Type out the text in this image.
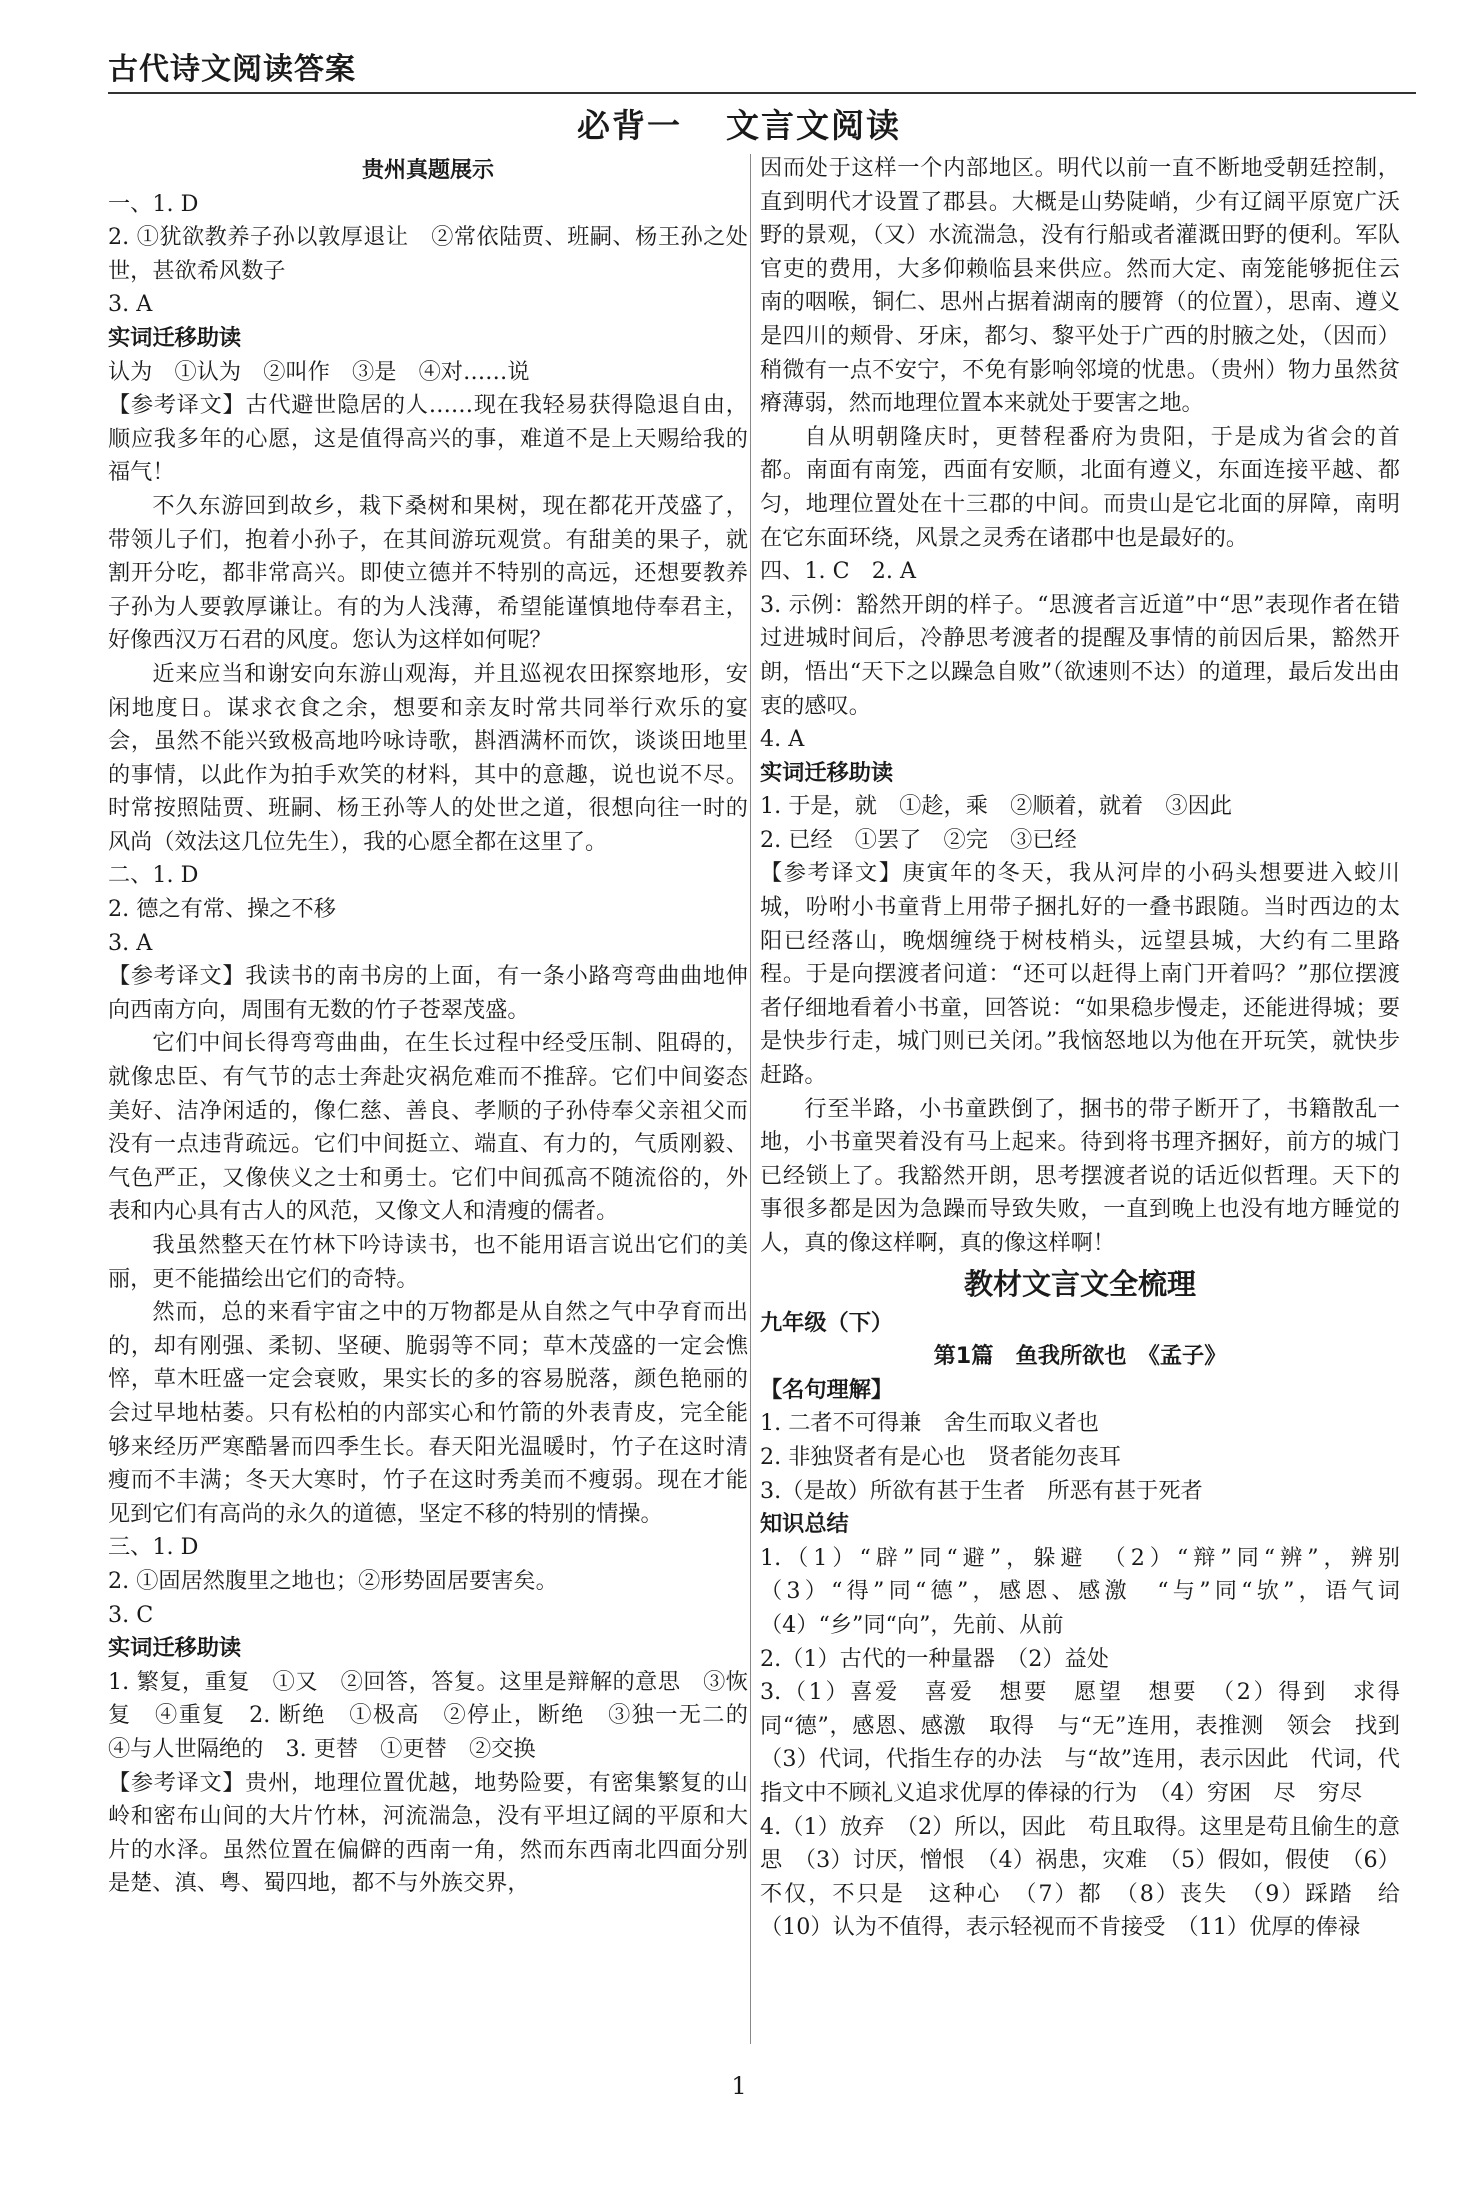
古代诗文阅读答案
必背一 文言文阅读

贵州真题展示

一、1. D

2. ①犹欲教养子孙以敦厚退让　②常依陆贾、班嗣、杨王孙之处世，甚欲希风数子

3. A

实词迁移助读

认为　①认为　②叫作　③是　④对……说

【参考译文】古代避世隐居的人……现在我轻易获得隐退自由，顺应我多年的心愿，这是值得高兴的事，难道不是上天赐给我的福气！

不久东游回到故乡，栽下桑树和果树，现在都花开茂盛了，带领儿子们，抱着小孙子，在其间游玩观赏。有甜美的果子，就割开分吃，都非常高兴。即使立德并不特别的高远，还想要教养子孙为人要敦厚谦让。有的为人浅薄，希望能谨慎地侍奉君主，好像西汉万石君的风度。您认为这样如何呢？

近来应当和谢安向东游山观海，并且巡视农田探察地形，安闲地度日。谋求衣食之余，想要和亲友时常共同举行欢乐的宴会，虽然不能兴致极高地吟咏诗歌，斟酒满杯而饮，谈谈田地里的事情，以此作为拍手欢笑的材料，其中的意趣，说也说不尽。时常按照陆贾、班嗣、杨王孙等人的处世之道，很想向往一时的风尚（效法这几位先生），我的心愿全都在这里了。

二、1. D

2. 德之有常、操之不移

3. A

【参考译文】我读书的南书房的上面，有一条小路弯弯曲曲地伸向西南方向，周围有无数的竹子苍翠茂盛。

它们中间长得弯弯曲曲，在生长过程中经受压制、阻碍的，就像忠臣、有气节的志士奔赴灾祸危难而不推辞。它们中间姿态美好、洁净闲适的，像仁慈、善良、孝顺的子孙侍奉父亲祖父而没有一点违背疏远。它们中间挺立、端直、有力的，气质刚毅、气色严正，又像侠义之士和勇士。它们中间孤高不随流俗的，外表和内心具有古人的风范，又像文人和清瘦的儒者。

我虽然整天在竹林下吟诗读书，也不能用语言说出它们的美丽，更不能描绘出它们的奇特。

然而，总的来看宇宙之中的万物都是从自然之气中孕育而出的，却有刚强、柔韧、坚硬、脆弱等不同；草木茂盛的一定会憔悴，草木旺盛一定会衰败，果实长的多的容易脱落，颜色艳丽的会过早地枯萎。只有松柏的内部实心和竹箭的外表青皮，完全能够来经历严寒酷暑而四季生长。春天阳光温暖时，竹子在这时清瘦而不丰满；冬天大寒时，竹子在这时秀美而不瘦弱。现在才能见到它们有高尚的永久的道德，坚定不移的特别的情操。

三、1. D

2. ①固居然腹里之地也；②形势固居要害矣。

3. C

实词迁移助读

1. 繁复，重复　①又　②回答，答复。这里是辩解的意思　③恢复　④重复　2. 断绝　①极高　②停止，断绝　③独一无二的　④与人世隔绝的　3. 更替　①更替　②交换

【参考译文】贵州，地理位置优越，地势险要，有密集繁复的山岭和密布山间的大片竹林，河流湍急，没有平坦辽阔的平原和大片的水泽。虽然位置在偏僻的西南一角，然而东西南北四面分别是楚、滇、粤、蜀四地，都不与外族交界，

因而处于这样一个内部地区。明代以前一直不断地受朝廷控制，直到明代才设置了郡县。大概是山势陡峭，少有辽阔平原宽广沃野的景观，（又）水流湍急，没有行船或者灌溉田野的便利。军队官吏的费用，大多仰赖临县来供应。然而大定、南笼能够扼住云南的咽喉，铜仁、思州占据着湖南的腰膂（的位置），思南、遵义是四川的颊骨、牙床，都匀、黎平处于广西的肘腋之处，（因而）稍微有一点不安宁，不免有影响邻境的忧患。（贵州）物力虽然贫瘠薄弱，然而地理位置本来就处于要害之地。

自从明朝隆庆时，更替程番府为贵阳，于是成为省会的首都。南面有南笼，西面有安顺，北面有遵义，东面连接平越、都匀，地理位置处在十三郡的中间。而贵山是它北面的屏障，南明在它东面环绕，风景之灵秀在诸郡中也是最好的。

四、1. C　2. A

3. 示例：豁然开朗的样子。“思渡者言近道”中“思”表现作者在错过进城时间后，冷静思考渡者的提醒及事情的前因后果，豁然开朗，悟出“天下之以躁急自败”（欲速则不达）的道理，最后发出由衷的感叹。

4. A

实词迁移助读

1. 于是，就　①趁，乘　②顺着，就着　③因此

2. 已经　①罢了　②完　③已经

【参考译文】庚寅年的冬天，我从河岸的小码头想要进入蛟川城，吩咐小书童背上用带子捆扎好的一叠书跟随。当时西边的太阳已经落山，晚烟缠绕于树枝梢头，远望县城，大约有二里路程。于是向摆渡者问道：“还可以赶得上南门开着吗？”那位摆渡者仔细地看着小书童，回答说：“如果稳步慢走，还能进得城；要是快步行走，城门则已关闭。”我恼怒地以为他在开玩笑，就快步赶路。

行至半路，小书童跌倒了，捆书的带子断开了，书籍散乱一地，小书童哭着没有马上起来。待到将书理齐捆好，前方的城门已经锁上了。我豁然开朗，思考摆渡者说的话近似哲理。天下的事很多都是因为急躁而导致失败，一直到晚上也没有地方睡觉的人，真的像这样啊，真的像这样啊！

教材文言文全梳理

九年级（下）

第1篇　鱼我所欲也　《孟子》

【名句理解】

1. 二者不可得兼　舍生而取义者也

2. 非独贤者有是心也　贤者能勿丧耳

3.（是故）所欲有甚于生者　所恶有甚于死者

知识总结

1.（1）“辟”同“避”，躲避　（2）“辩”同“辨”，辨别　（3）“得”同“德”，感恩、感激　“与”同“欤”，语气词　（4）“乡”同“向”，先前、从前

2.（1）古代的一种量器　（2）益处

3.（1）喜爱　喜爱　想要　愿望　想要　（2）得到　求得　同“德”，感恩、感激　取得　与“无”连用，表推测　领会　找到　（3）代词，代指生存的办法　与“故”连用，表示因此　代词，代指文中不顾礼义追求优厚的俸禄的行为　（4）穷困　尽　穷尽

4.（1）放弃　（2）所以，因此　苟且取得。这里是苟且偷生的意思　（3）讨厌，憎恨　（4）祸患，灾难　（5）假如，假使　（6）不仅，不只是　这种心　（7）都　（8）丧失　（9）踩踏　给　（10）认为不值得，表示轻视而不肯接受　（11）优厚的俸禄

1
